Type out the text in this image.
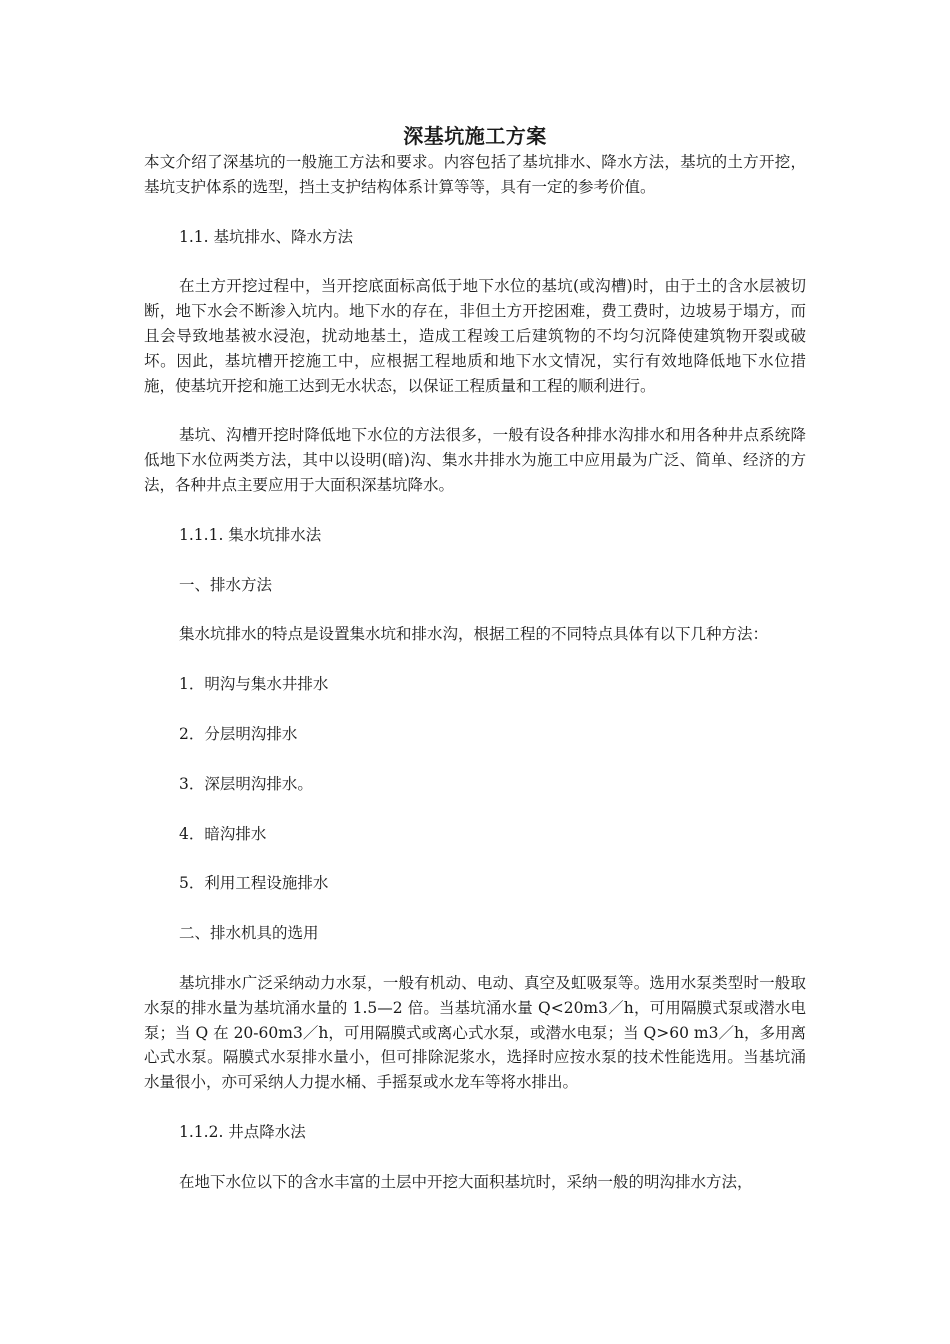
深基坑施工方案

本文介绍了深基坑的一般施工方法和要求。内容包括了基坑排水、降水方法，基坑的土方开挖，基坑支护体系的选型，挡土支护结构体系计算等等，具有一定的参考价值。

1.1. 基坑排水、降水方法

在土方开挖过程中，当开挖底面标高低于地下水位的基坑(或沟槽)时，由于土的含水层被切断，地下水会不断渗入坑内。地下水的存在，非但土方开挖困难，费工费时，边坡易于塌方，而且会导致地基被水浸泡，扰动地基土，造成工程竣工后建筑物的不均匀沉降使建筑物开裂或破坏。因此，基坑槽开挖施工中，应根据工程地质和地下水文情况，实行有效地降低地下水位措施，使基坑开挖和施工达到无水状态，以保证工程质量和工程的顺利进行。

基坑、沟槽开挖时降低地下水位的方法很多，一般有设各种排水沟排水和用各种井点系统降低地下水位两类方法，其中以设明(暗)沟、集水井排水为施工中应用最为广泛、简单、经济的方法，各种井点主要应用于大面积深基坑降水。

1.1.1. 集水坑排水法

一、排水方法

集水坑排水的特点是设置集水坑和排水沟，根据工程的不同特点具体有以下几种方法：

1．明沟与集水井排水

2．分层明沟排水

3．深层明沟排水。

4．暗沟排水

5．利用工程设施排水

二、排水机具的选用

基坑排水广泛采纳动力水泵，一般有机动、电动、真空及虹吸泵等。选用水泵类型时一般取水泵的排水量为基坑涌水量的 1.5—2 倍。当基坑涌水量 Q<20m3／h，可用隔膜式泵或潜水电泵；当 Q 在 20-60m3／h，可用隔膜式或离心式水泵，或潜水电泵；当 Q>60 m3／h，多用离心式水泵。隔膜式水泵排水量小，但可排除泥浆水，选择时应按水泵的技术性能选用。当基坑涌水量很小，亦可采纳人力提水桶、手摇泵或水龙车等将水排出。

1.1.2. 井点降水法

在地下水位以下的含水丰富的土层中开挖大面积基坑时，采纳一般的明沟排水方法，
